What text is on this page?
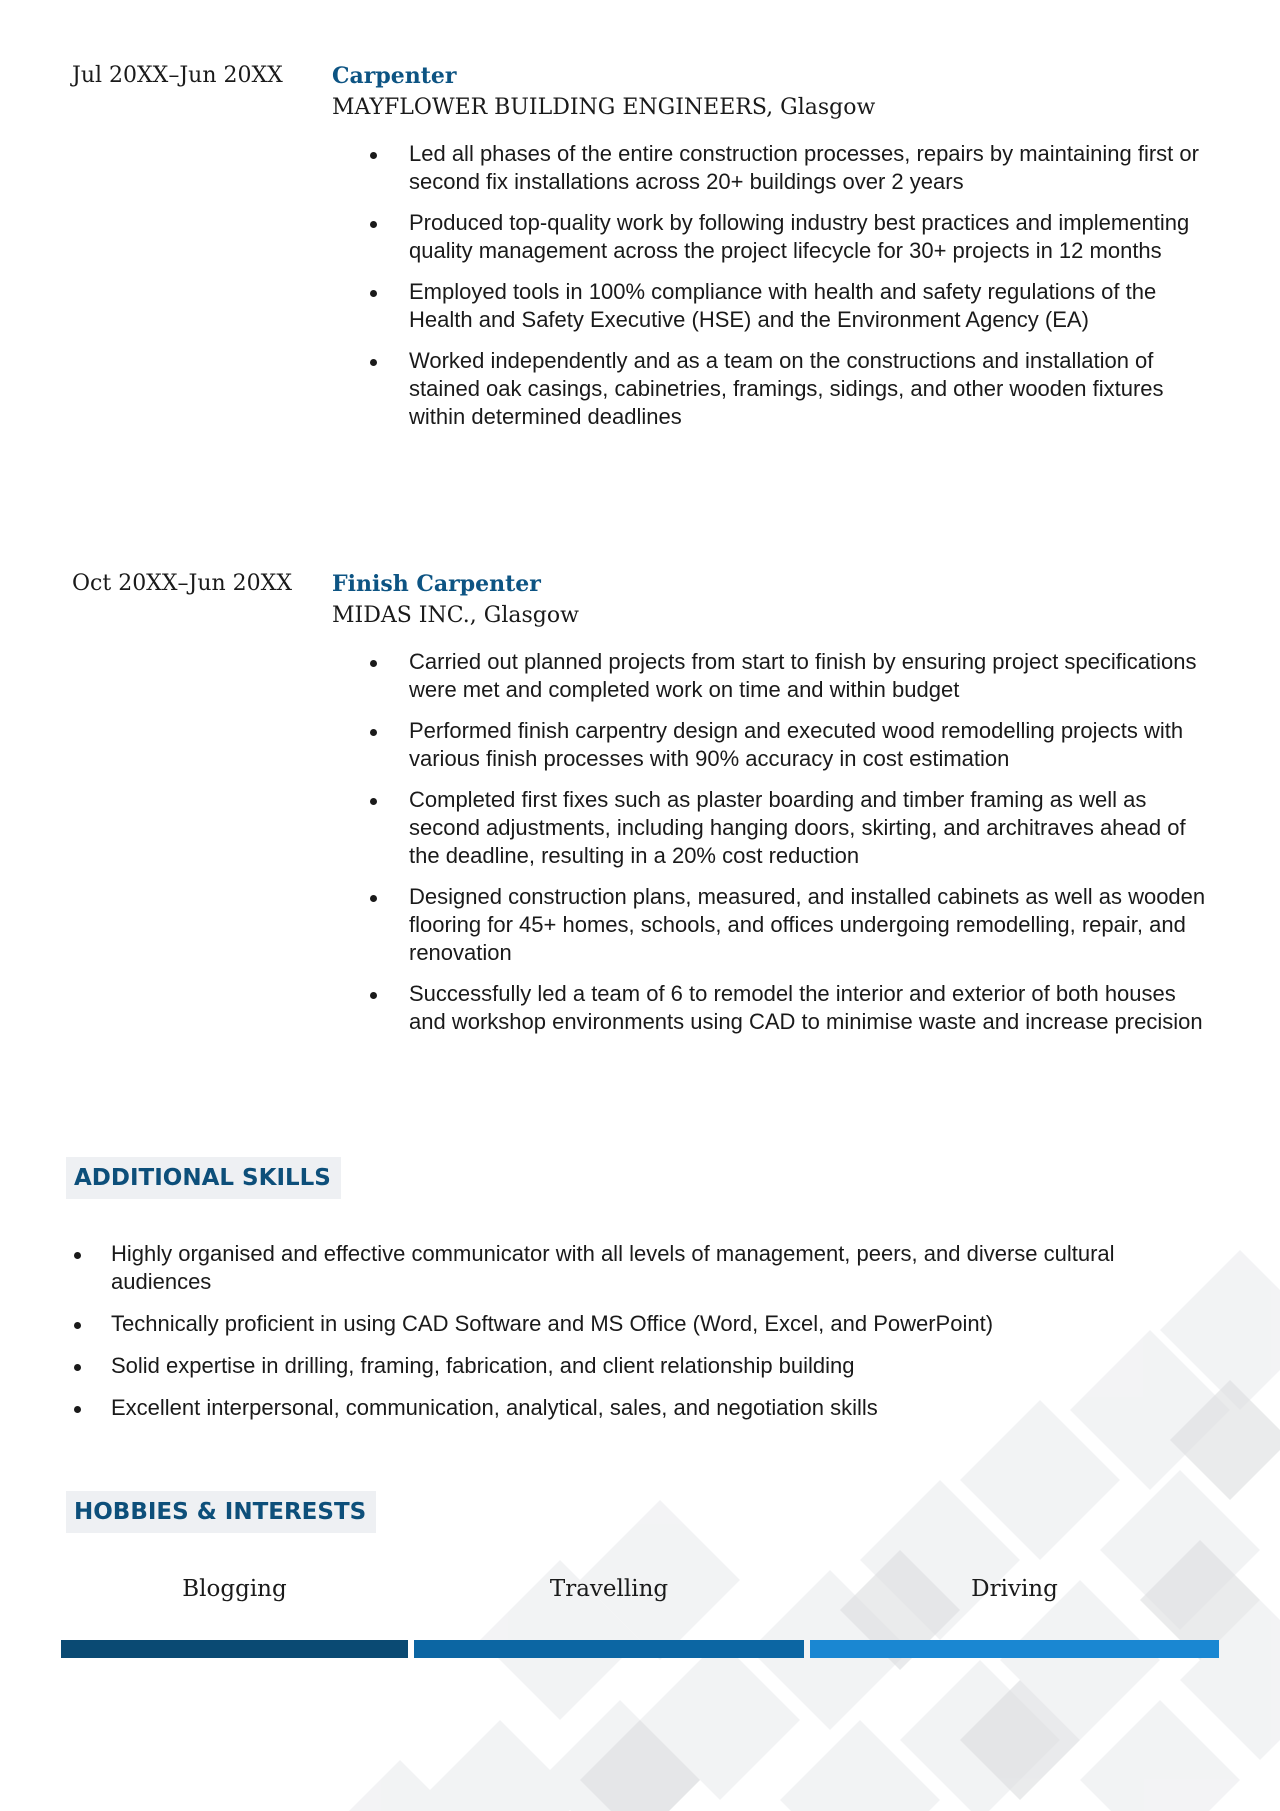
Jul 20XX–Jun 20XX Carpenter
MAYFLOWER BUILDING ENGINEERS, Glasgow
Led all phases of the entire construction processes, repairs by maintaining first or second fix installations across 20+ buildings over 2 years
Produced top-quality work by following industry best practices and implementing quality management across the project lifecycle for 30+ projects in 12 months
Employed tools in 100% compliance with health and safety regulations of the Health and Safety Executive (HSE) and the Environment Agency (EA)
Worked independently and as a team on the constructions and installation of stained oak casings, cabinetries, framings, sidings, and other wooden fixtures within determined deadlines
Oct 20XX–Jun 20XX Finish Carpenter
MIDAS INC., Glasgow
Carried out planned projects from start to finish by ensuring project specifications were met and completed work on time and within budget
Performed finish carpentry design and executed wood remodelling projects with various finish processes with 90% accuracy in cost estimation
Completed first fixes such as plaster boarding and timber framing as well as second adjustments, including hanging doors, skirting, and architraves ahead of the deadline, resulting in a 20% cost reduction
Designed construction plans, measured, and installed cabinets as well as wooden flooring for 45+ homes, schools, and offices undergoing remodelling, repair, and renovation
Successfully led a team of 6 to remodel the interior and exterior of both houses and workshop environments using CAD to minimise waste and increase precision
ADDITIONAL SKILLS
Highly organised and effective communicator with all levels of management, peers, and diverse cultural audiences
Technically proficient in using CAD Software and MS Office (Word, Excel, and PowerPoint)
Solid expertise in drilling, framing, fabrication, and client relationship building
Excellent interpersonal, communication, analytical, sales, and negotiation skills
HOBBIES & INTERESTS
Blogging	Travelling	Driving
